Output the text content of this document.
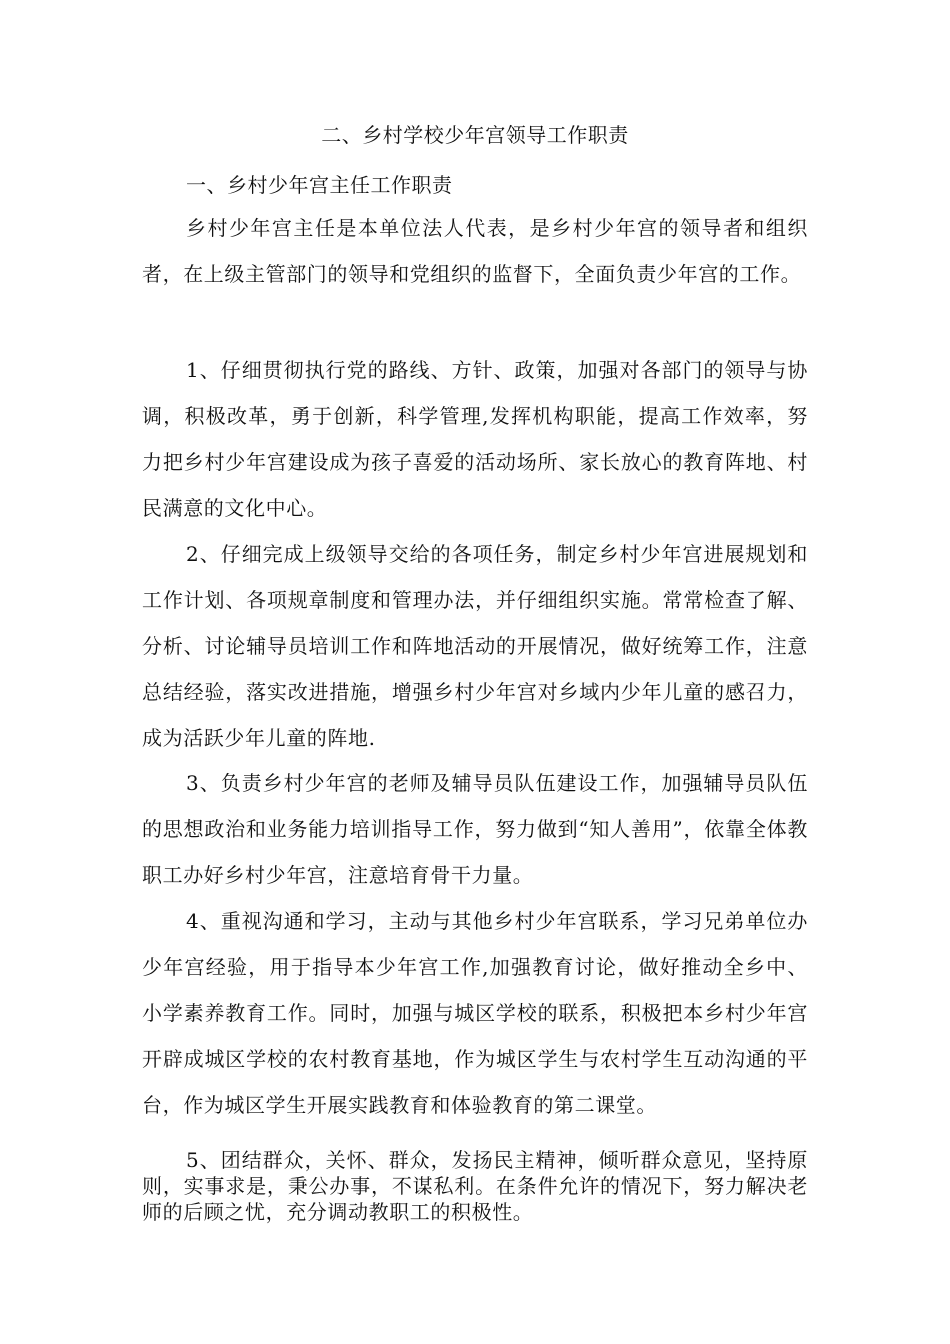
二、乡村学校少年宫领导工作职责
一、乡村少年宫主任工作职责

乡村少年宫主任是本单位法人代表，是乡村少年宫的领导者和组织者，在上级主管部门的领导和党组织的监督下，全面负责少年宫的工作。

1、仔细贯彻执行党的路线、方针、政策，加强对各部门的领导与协调，积极改革，勇于创新，科学管理,发挥机构职能，提高工作效率，努力把乡村少年宫建设成为孩子喜爱的活动场所、家长放心的教育阵地、村民满意的文化中心。

2、仔细完成上级领导交给的各项任务，制定乡村少年宫进展规划和工作计划、各项规章制度和管理办法，并仔细组织实施。常常检查了解、分析、讨论辅导员培训工作和阵地活动的开展情况，做好统筹工作，注意总结经验，落实改进措施，增强乡村少年宫对乡域内少年儿童的感召力，成为活跃少年儿童的阵地.

3、负责乡村少年宫的老师及辅导员队伍建设工作，加强辅导员队伍的思想政治和业务能力培训指导工作，努力做到“知人善用”，依靠全体教职工办好乡村少年宫，注意培育骨干力量。

4、重视沟通和学习，主动与其他乡村少年宫联系，学习兄弟单位办少年宫经验，用于指导本少年宫工作,加强教育讨论，做好推动全乡中、小学素养教育工作。同时，加强与城区学校的联系，积极把本乡村少年宫开辟成城区学校的农村教育基地，作为城区学生与农村学生互动沟通的平台，作为城区学生开展实践教育和体验教育的第二课堂。

5、团结群众，关怀、群众，发扬民主精神，倾听群众意见，坚持原则，实事求是，秉公办事，不谋私利。在条件允许的情况下，努力解决老师的后顾之忧，充分调动教职工的积极性。
